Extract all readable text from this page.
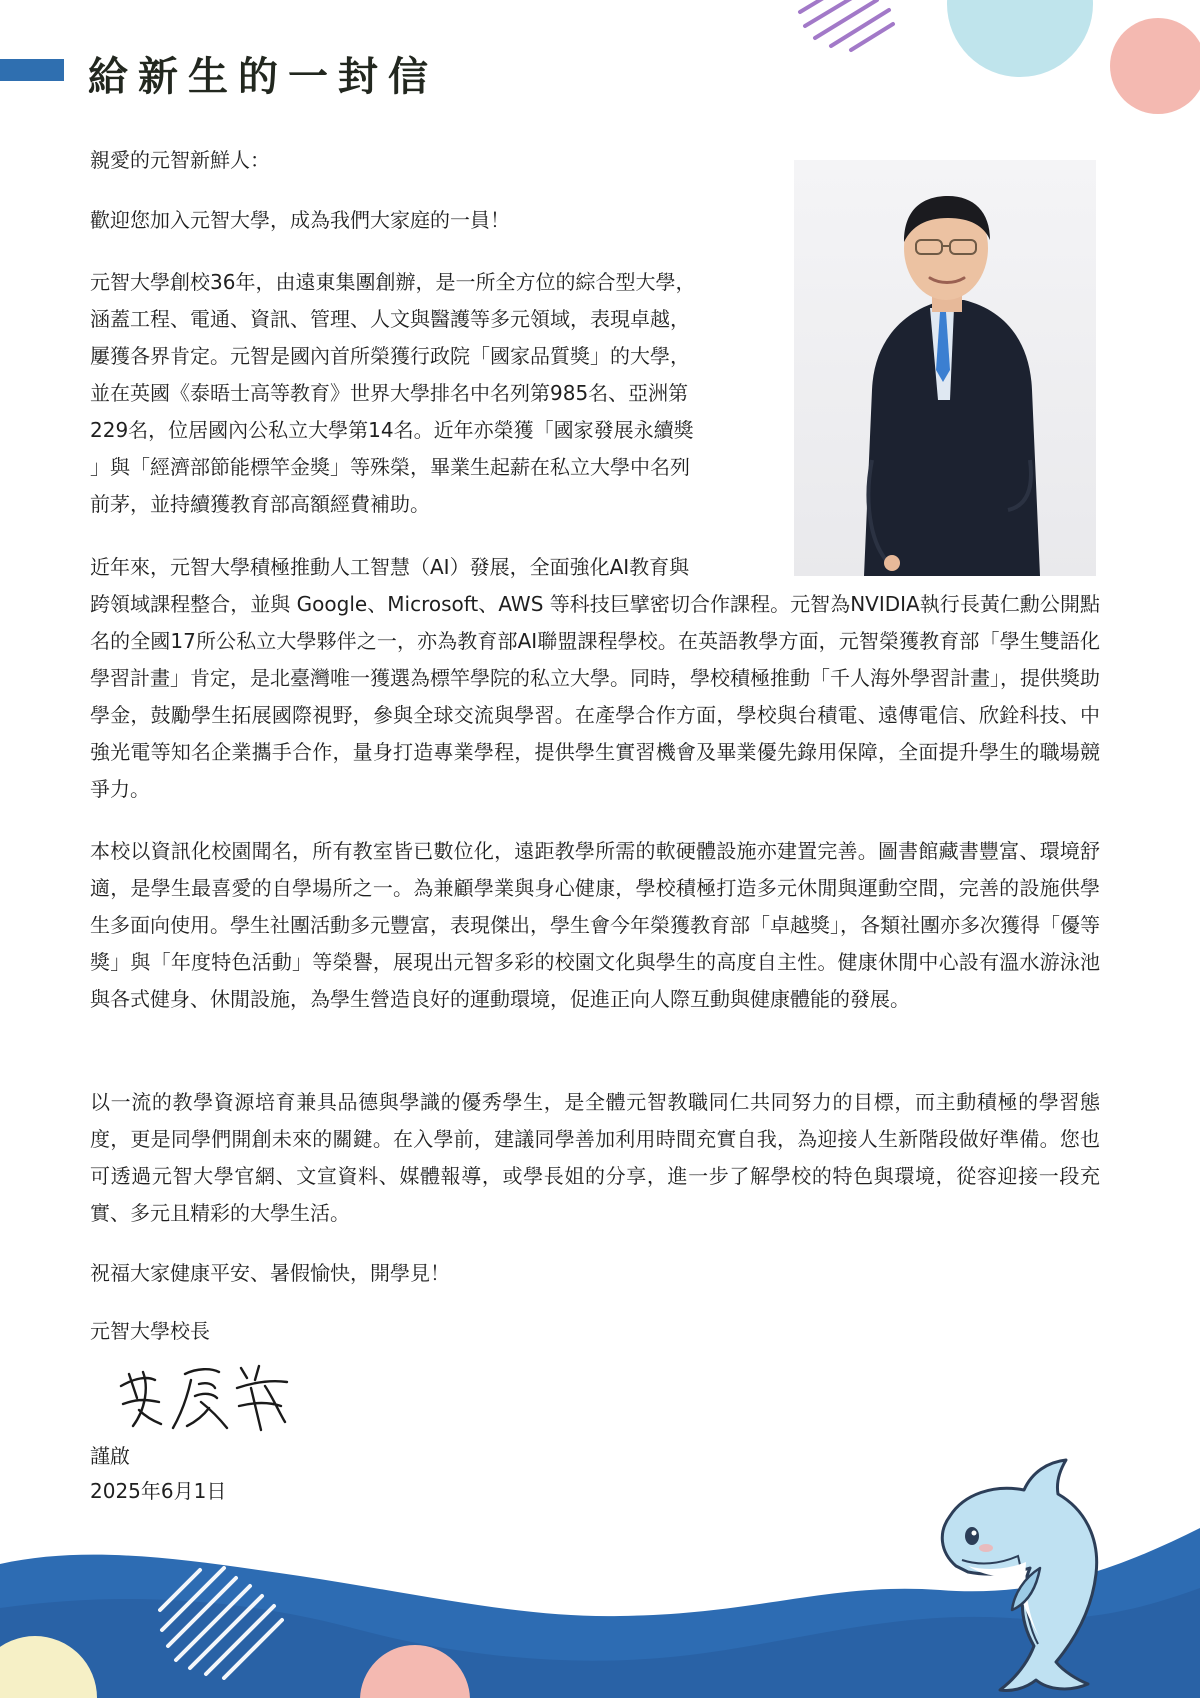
給新生的一封信

親愛的元智新鮮人：

歡迎您加入元智大學，成為我們大家庭的一員！

元智大學創校36年，由遠東集團創辦，是一所全方位的綜合型大學，
涵蓋工程、電通、資訊、管理、人文與醫護等多元領域，表現卓越，
屢獲各界肯定。元智是國內首所榮獲行政院「國家品質獎」的大學，
並在英國《泰晤士高等教育》世界大學排名中名列第985名、亞洲第
229名，位居國內公私立大學第14名。近年亦榮獲「國家發展永續獎
」與「經濟部節能標竿金獎」等殊榮，畢業生起薪在私立大學中名列
前茅，並持續獲教育部高額經費補助。

近年來，元智大學積極推動人工智慧（AI）發展，全面強化AI教育與

跨領域課程整合，並與 Google、Microsoft、AWS 等科技巨擘密切合作課程。元智為NVIDIA執行長黃仁勳公開點名的全國17所公私立大學夥伴之一，亦為教育部AI聯盟課程學校。在英語教學方面，元智榮獲教育部「學生雙語化學習計畫」肯定，是北臺灣唯一獲選為標竿學院的私立大學。同時，學校積極推動「千人海外學習計畫」，提供獎助學金，鼓勵學生拓展國際視野，參與全球交流與學習。在產學合作方面，學校與台積電、遠傳電信、欣銓科技、中強光電等知名企業攜手合作，量身打造專業學程，提供學生實習機會及畢業優先錄用保障，全面提升學生的職場競爭力。

本校以資訊化校園聞名，所有教室皆已數位化，遠距教學所需的軟硬體設施亦建置完善。圖書館藏書豐富、環境舒適，是學生最喜愛的自學場所之一。為兼顧學業與身心健康，學校積極打造多元休閒與運動空間，完善的設施供學生多面向使用。學生社團活動多元豐富，表現傑出，學生會今年榮獲教育部「卓越獎」，各類社團亦多次獲得「優等獎」與「年度特色活動」等榮譽，展現出元智多彩的校園文化與學生的高度自主性。健康休閒中心設有溫水游泳池與各式健身、休閒設施，為學生營造良好的運動環境，促進正向人際互動與健康體能的發展。

以一流的教學資源培育兼具品德與學識的優秀學生，是全體元智教職同仁共同努力的目標，而主動積極的學習態度，更是同學們開創未來的關鍵。在入學前，建議同學善加利用時間充實自我，為迎接人生新階段做好準備。您也可透過元智大學官網、文宣資料、媒體報導，或學長姐的分享，進一步了解學校的特色與環境，從容迎接一段充實、多元且精彩的大學生活。

祝福大家健康平安、暑假愉快，開學見！

元智大學校長

謹啟

2025年6月1日
